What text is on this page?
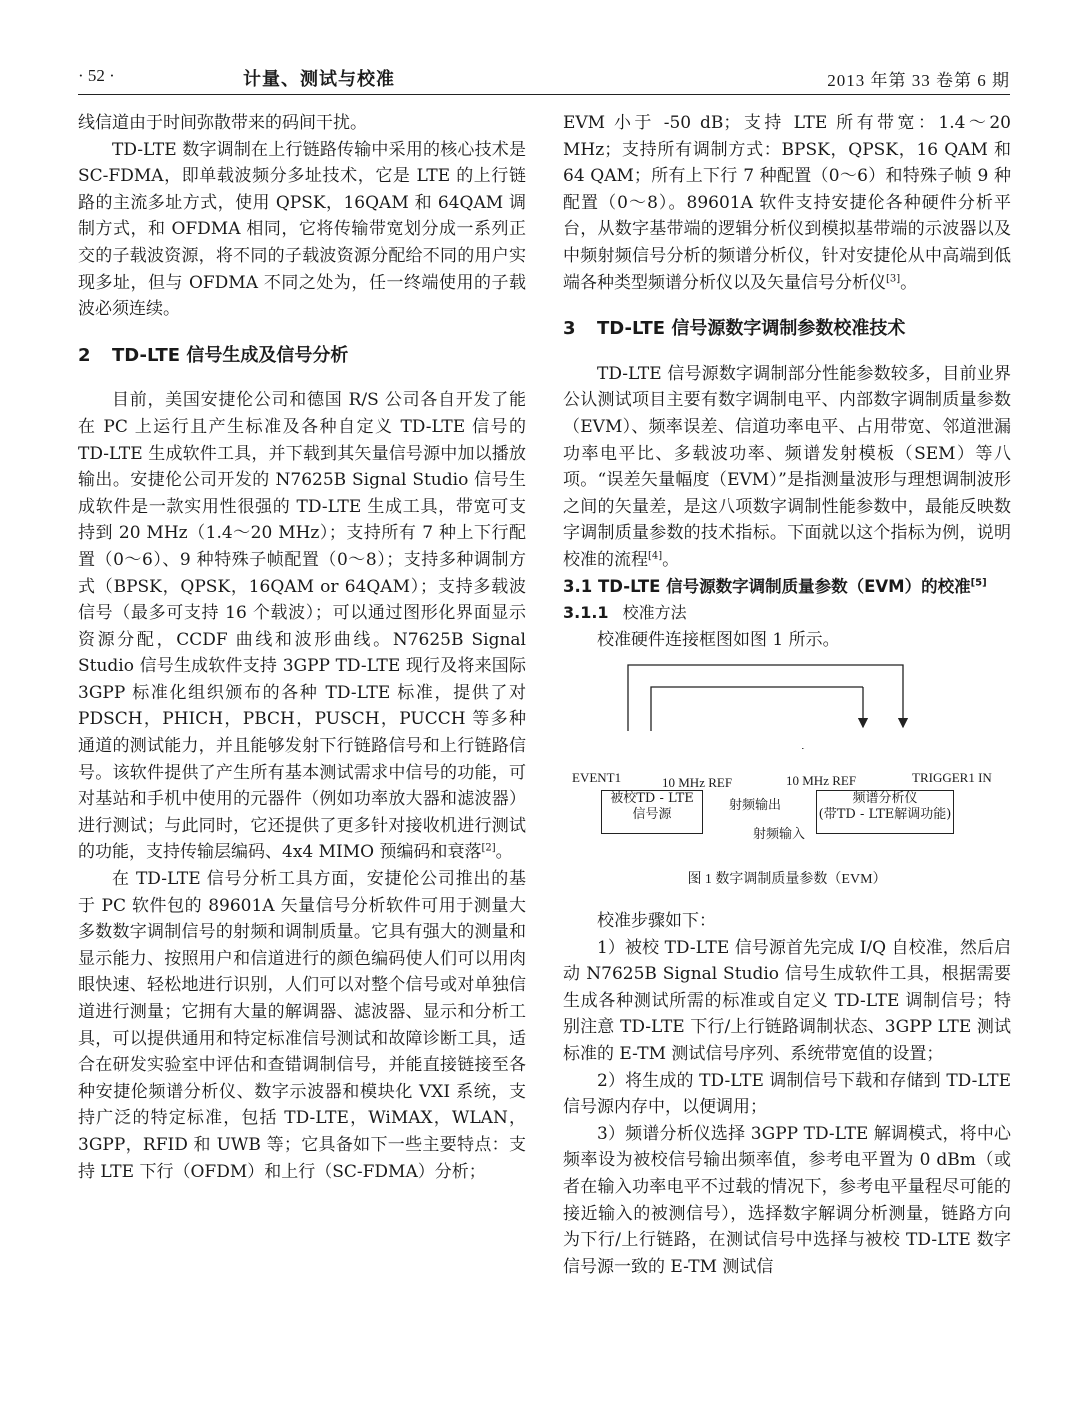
· 52 ·	计量、测试与校准	2013 年第 33 卷第 6 期

线信道由于时间弥散带来的码间干扰。

TD-LTE 数字调制在上行链路传输中采用的核心技术是 SC-FDMA，即单载波频分多址技术，它是 LTE 的上行链路的主流多址方式，使用 QPSK，16QAM 和 64QAM 调制方式，和 OFDMA 相同，它将传输带宽划分成一系列正交的子载波资源，将不同的子载波资源分配给不同的用户实现多址，但与 OFDMA 不同之处为，任一终端使用的子载波必须连续。

2 TD-LTE 信号生成及信号分析

目前，美国安捷伦公司和德国 R/S 公司各自开发了能在 PC 上运行且产生标准及各种自定义 TD-LTE 信号的 TD-LTE 生成软件工具，并下载到其矢量信号源中加以播放输出。安捷伦公司开发的 N7625B Signal Studio 信号生成软件是一款实用性很强的 TD-LTE 生成工具，带宽可支持到 20 MHz（1.4～20 MHz）；支持所有 7 种上下行配置（0～6）、9 种特殊子帧配置（0～8）；支持多种调制方式（BPSK，QPSK，16QAM or 64QAM）；支持多载波信号（最多可支持 16 个载波）；可以通过图形化界面显示资源分配，CCDF 曲线和波形曲线。N7625B Signal Studio 信号生成软件支持 3GPP TD-LTE 现行及将来国际 3GPP 标准化组织颁布的各种 TD-LTE 标准，提供了对 PDSCH，PHICH，PBCH，PUSCH，PUCCH 等多种通道的测试能力，并且能够发射下行链路信号和上行链路信号。该软件提供了产生所有基本测试需求中信号的功能，可对基站和手机中使用的元器件（例如功率放大器和滤波器）进行测试；与此同时，它还提供了更多针对接收机进行测试的功能，支持传输层编码、4x4 MIMO 预编码和衰落[2]。

在 TD-LTE 信号分析工具方面，安捷伦公司推出的基于 PC 软件包的 89601A 矢量信号分析软件可用于测量大多数数字调制信号的射频和调制质量。它具有强大的测量和显示能力、按照用户和信道进行的颜色编码使人们可以用肉眼快速、轻松地进行识别，人们可以对整个信号或对单独信道进行测量；它拥有大量的解调器、滤波器、显示和分析工具，可以提供通用和特定标准信号测试和故障诊断工具，适合在研发实验室中评估和查错调制信号，并能直接链接至各种安捷伦频谱分析仪、数字示波器和模块化 VXI 系统，支持广泛的特定标准，包括 TD-LTE，WiMAX，WLAN，3GPP，RFID 和 UWB 等；它具备如下一些主要特点：支持 LTE 下行（OFDM）和上行（SC-FDMA）分析；

EVM 小于 -50 dB；支持 LTE 所有带宽：1.4～20 MHz；支持所有调制方式：BPSK，QPSK，16 QAM 和 64 QAM；所有上下行 7 种配置（0～6）和特殊子帧 9 种配置（0～8）。89601A 软件支持安捷伦各种硬件分析平台，从数字基带端的逻辑分析仪到模拟基带端的示波器以及中频射频信号分析的频谱分析仪，针对安捷伦从中高端到低端各种类型频谱分析仪以及矢量信号分析仪[3]。

3 TD-LTE 信号源数字调制参数校准技术

TD-LTE 信号源数字调制部分性能参数较多，目前业界公认测试项目主要有数字调制电平、内部数字调制质量参数（EVM）、频率误差、信道功率电平、占用带宽、邻道泄漏功率电平比、多载波功率、频谱发射模板（SEM）等八项。“误差矢量幅度（EVM）”是指测量波形与理想调制波形之间的矢量差，是这八项数字调制性能参数中，最能反映数字调制质量参数的技术指标。下面就以这个指标为例，说明校准的流程[4]。

3.1 TD-LTE 信号源数字调制质量参数（EVM）的校准[5]

3.1.1 校准方法

校准硬件连接框图如图 1 所示。

被校TD - LTE
信号源
频谱分析仪
(带TD - LTE解调功能)
EVENT1	10 MHz REF	10 MHz REF	TRIGGER1 IN
射频输出
射频输入
图 1 数字调制质量参数（EVM）

校准步骤如下：

1）被校 TD-LTE 信号源首先完成 I/Q 自校准，然后启动 N7625B Signal Studio 信号生成软件工具，根据需要生成各种测试所需的标准或自定义 TD-LTE 调制信号；特别注意 TD-LTE 下行/上行链路调制状态、3GPP LTE 测试标准的 E-TM 测试信号序列、系统带宽值的设置；

2）将生成的 TD-LTE 调制信号下载和存储到 TD-LTE 信号源内存中，以便调用；

3）频谱分析仪选择 3GPP TD-LTE 解调模式，将中心频率设为被校信号输出频率值，参考电平置为 0 dBm（或者在输入功率电平不过载的情况下，参考电平量程尽可能的接近输入的被测信号），选择数字解调分析测量，链路方向为下行/上行链路，在测试信号中选择与被校 TD-LTE 数字信号源一致的 E-TM 测试信
